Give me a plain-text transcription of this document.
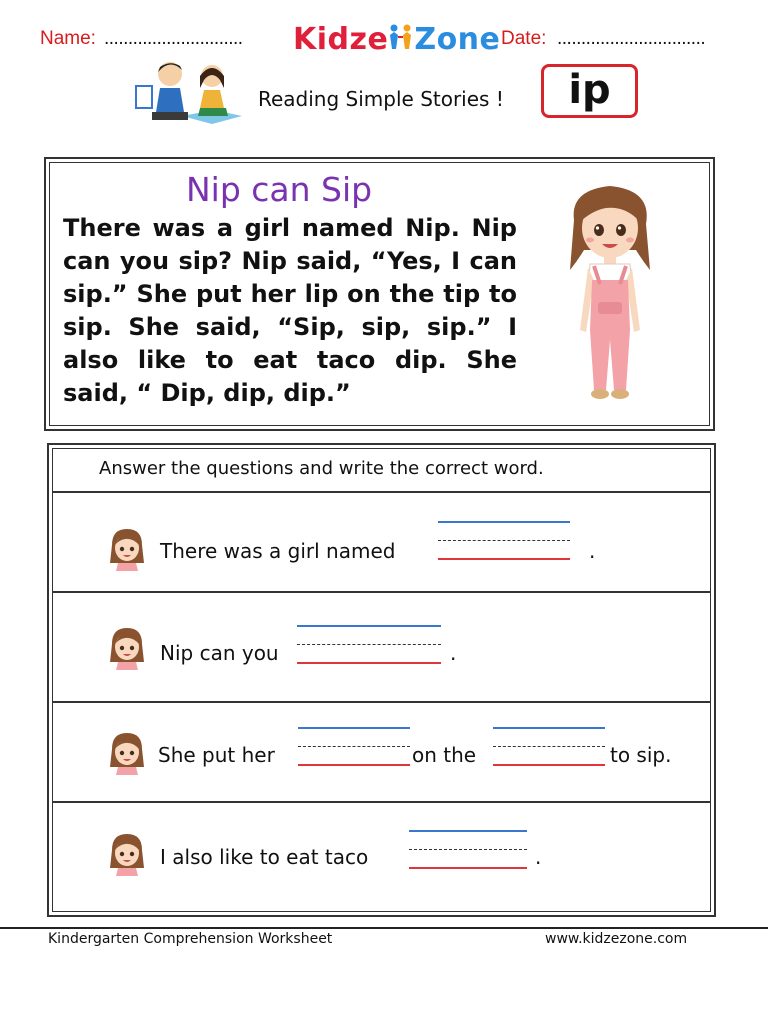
Name: ............................. Kidze Zone Date: ...............................
Reading Simple Stories !	ip
Nip can Sip
There was a girl named Nip. Nip can you sip? Nip said, “Yes, I can sip.” She put her lip on the tip to sip. She said, “Sip, sip, sip.” I also like to eat taco dip. She said, “ Dip, dip, dip.”
Answer the questions and write the correct word.
There was a girl named	.
Nip can you	.
She put her	on the	to sip.
I also like to eat taco	.
Kindergarten Comprehension Worksheet	www.kidzezone.com
